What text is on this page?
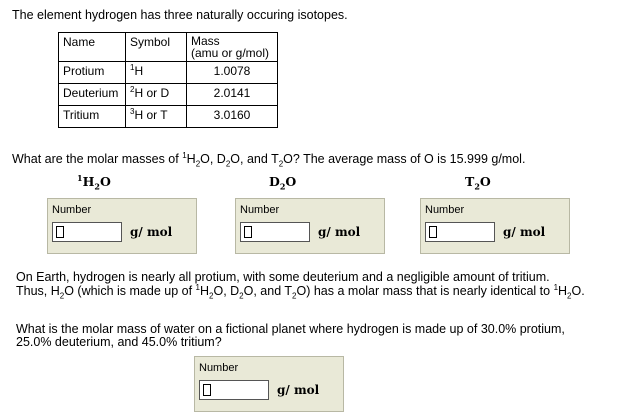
The element hydrogen has three naturally occuring isotopes.
Name	Symbol	Mass
(amu or g/mol)
Protium	$^1$H	1.0078
Deuterium	$^2$H or D	2.0141
Tritium	$^3$H or T	3.0160
What are the molar masses of $^1H_2O$, $D_2O$, and $T_2O$? The average mass of O is 15.999 g/mol.
$^1H_2O$	$D_2O$	$T_2O$
Number
g/ mol
Number
g/ mol
Number
g/ mol
On Earth, hydrogen is nearly all protium, with some deuterium and a negligible amount of tritium.
Thus, $H_2O$ (which is made up of $^1H_2O$, $D_2O$, and $T_2O$) has a molar mass that is nearly identical to $^1H_2O$.
What is the molar mass of water on a fictional planet where hydrogen is made up of 30.0% protium,
25.0% deuterium, and 45.0% tritium?
Number
g/ mol
